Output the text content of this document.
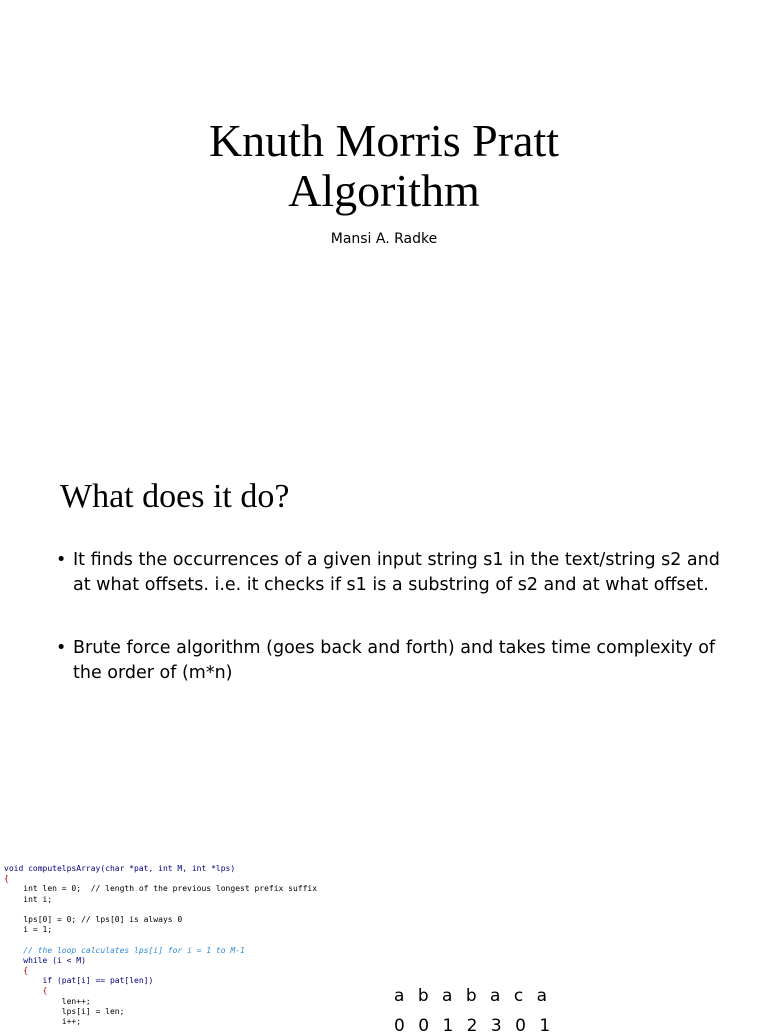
Knuth Morris Pratt
Algorithm
Mansi A. Radke
What does it do?
• It finds the occurrences of a given input string s1 in the text/string s2 and at what offsets. i.e. it checks if s1 is a substring of s2 and at what offset.
• Brute force algorithm (goes back and forth) and takes time complexity of the order of (m*n)
void computelpsArray(char *pat, int M, int *lps)
{
int len = 0;  // length of the previous longest prefix suffix
int i;

lps[0] = 0; // lps[0] is always 0
i = 1;

// the loop calculates lps[i] for i = 1 to M-1
while (i < M)
{
if (pat[i] == pat[len])
{
len++;
lps[i] = len;
i++;
a b a b a c a
0 0 1 2 3 0 1
